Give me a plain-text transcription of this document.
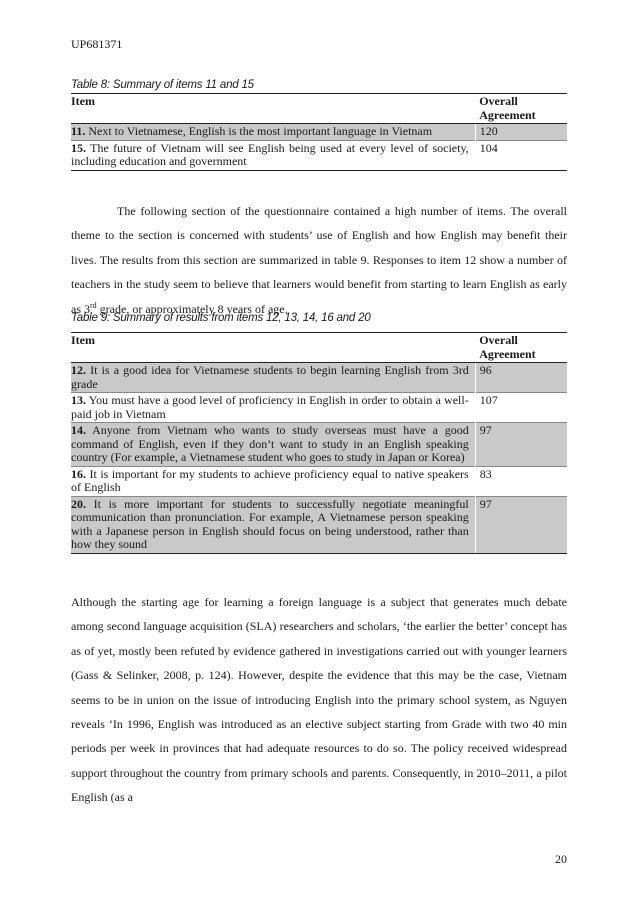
UP681371
Table 8: Summary of items 11 and 15
Item	Overall Agreement
11. Next to Vietnamese, English is the most important language in Vietnam	120
15. The future of Vietnam will see English being used at every level of society, including education and government	104

The following section of the questionnaire contained a high number of items. The overall theme to the section is concerned with students’ use of English and how English may benefit their lives. The results from this section are summarized in table 9. Responses to item 12 show a number of teachers in the study seem to believe that learners would benefit from starting to learn English as early as 3rd grade, or approximately 8 years of age.

Table 9: Summary of results from items 12, 13, 14, 16 and 20
Item	Overall Agreement
12. It is a good idea for Vietnamese students to begin learning English from 3rd grade	96
13. You must have a good level of proficiency in English in order to obtain a well-paid job in Vietnam	107
14. Anyone from Vietnam who wants to study overseas must have a good command of English, even if they don’t want to study in an English speaking country (For example, a Vietnamese student who goes to study in Japan or Korea)	97
16. It is important for my students to achieve proficiency equal to native speakers of English	83
20. It is more important for students to successfully negotiate meaningful communication than pronunciation. For example, A Vietnamese person speaking with a Japanese person in English should focus on being understood, rather than how they sound	97

Although the starting age for learning a foreign language is a subject that generates much debate among second language acquisition (SLA) researchers and scholars, ‘the earlier the better’ concept has as of yet, mostly been refuted by evidence gathered in investigations carried out with younger learners (Gass & Selinker, 2008, p. 124). However, despite the evidence that this may be the case, Vietnam seems to be in union on the issue of introducing English into the primary school system, as Nguyen reveals ‘In 1996, English was introduced as an elective subject starting from Grade with two 40 min periods per week in provinces that had adequate resources to do so. The policy received widespread support throughout the country from primary schools and parents. Consequently, in 2010–2011, a pilot English (as a

20
